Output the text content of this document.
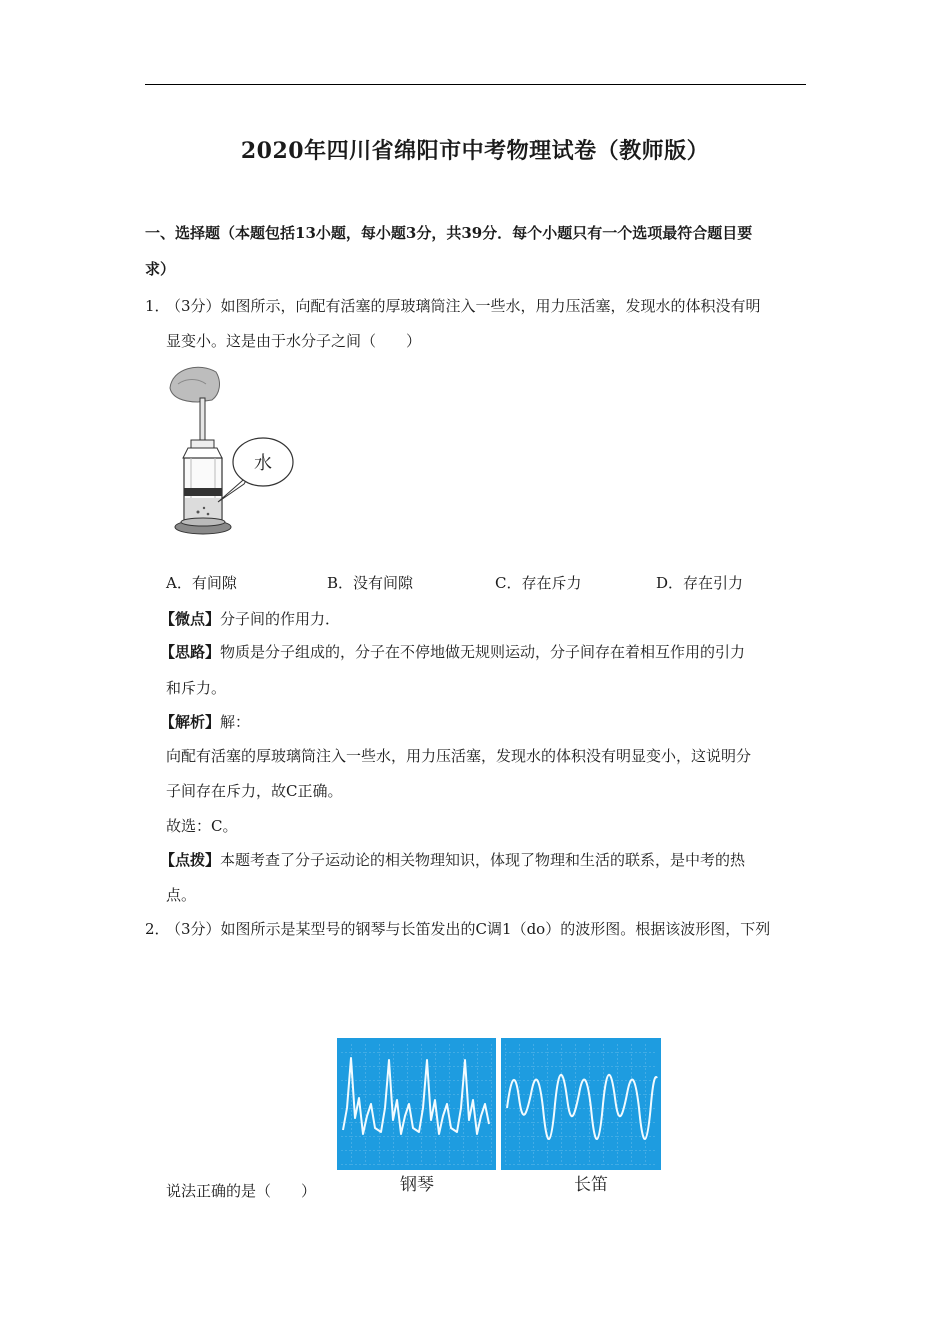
2020年四川省绵阳市中考物理试卷（教师版）
一、选择题（本题包括13小题，每小题3分，共39分．每个小题只有一个选项最符合题目要
求）
1．
（3分）如图所示，向配有活塞的厚玻璃筒注入一些水，用力压活塞，发现水的体积没有明
显变小。这是由于水分子之间（　　）
水
A．有间隙	B．没有间隙	C．存在斥力	D．存在引力
【微点】分子间的作用力．
【思路】物质是分子组成的，分子在不停地做无规则运动，分子间存在着相互作用的引力
和斥力。
【解析】解：
向配有活塞的厚玻璃筒注入一些水，用力压活塞，发现水的体积没有明显变小，这说明分
子间存在斥力，故C正确。
故选：C。
【点拨】本题考查了分子运动论的相关物理知识，体现了物理和生活的联系，是中考的热
点。
2．
（3分）如图所示是某型号的钢琴与长笛发出的C调1（do）的波形图。根据该波形图，下列
钢琴	长笛
说法正确的是（　　）
